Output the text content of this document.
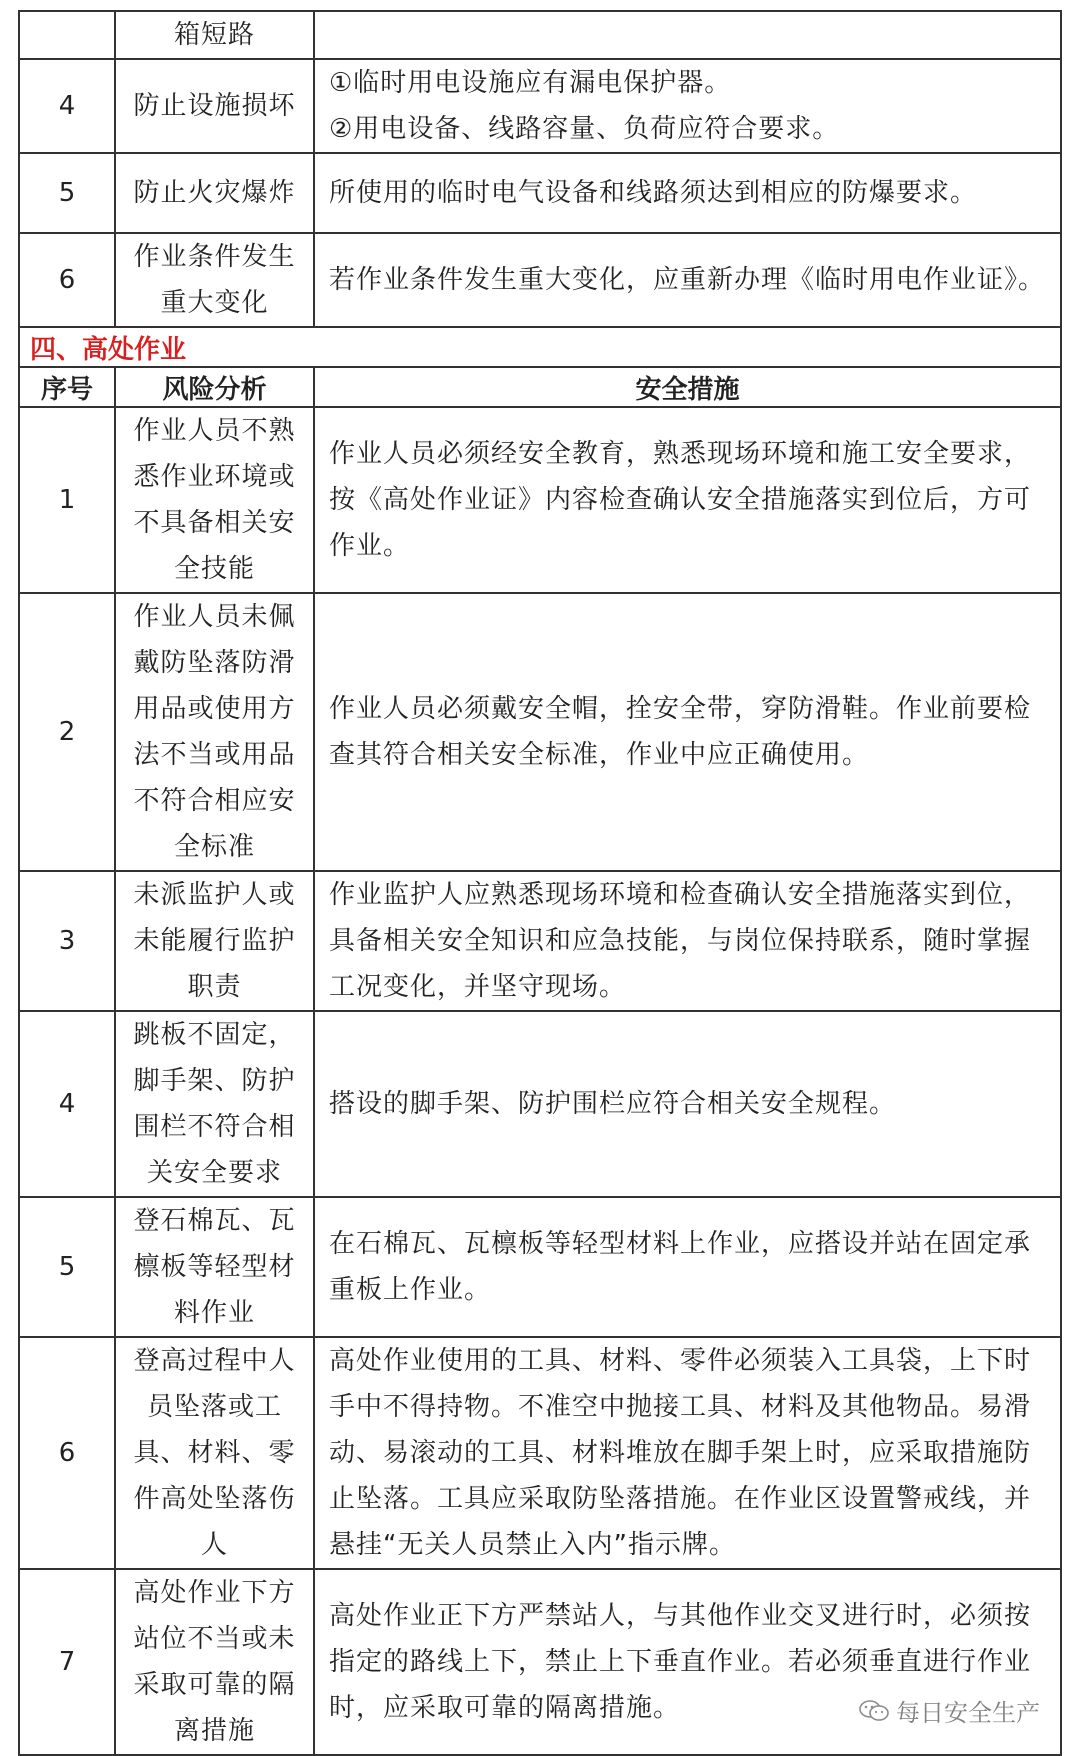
	箱短路	
4	防止设施损坏	①临时用电设施应有漏电保护器。
②用电设备、线路容量、负荷应符合要求。

5	防止火灾爆炸	所使用的临时电气设备和线路须达到相应的防爆要求。
6	作业条件发生重大变化	若作业条件发生重大变化，应重新办理《临时用电作业证》。
四、高处作业		
序号	风险分析	安全措施
1	作业人员不熟悉作业环境或不具备相关安全技能	作业人员必须经安全教育，熟悉现场环境和施工安全要求，按《高处作业证》内容检查确认安全措施落实到位后，方可作业。
2	作业人员未佩戴防坠落防滑用品或使用方法不当或用品不符合相应安全标准	作业人员必须戴安全帽，拴安全带，穿防滑鞋。作业前要检查其符合相关安全标准，作业中应正确使用。
3	未派监护人或未能履行监护职责	作业监护人应熟悉现场环境和检查确认安全措施落实到位，具备相关安全知识和应急技能，与岗位保持联系，随时掌握工况变化，并坚守现场。
4	跳板不固定，脚手架、防护围栏不符合相关安全要求	搭设的脚手架、防护围栏应符合相关安全规程。
5	登石棉瓦、瓦檩板等轻型材料作业	在石棉瓦、瓦檩板等轻型材料上作业，应搭设并站在固定承重板上作业。
6	登高过程中人员坠落或工具、材料、零件高处坠落伤人	高处作业使用的工具、材料、零件必须装入工具袋，上下时手中不得持物。不准空中抛接工具、材料及其他物品。易滑动、易滚动的工具、材料堆放在脚手架上时，应采取措施防止坠落。工具应采取防坠落措施。在作业区设置警戒线，并悬挂“无关人员禁止入内”指示牌。
7	高处作业下方站位不当或未采取可靠的隔离措施	高处作业正下方严禁站人，与其他作业交叉进行时，必须按指定的路线上下，禁止上下垂直作业。若必须垂直进行作业时，应采取可靠的隔离措施。	每日安全生产
